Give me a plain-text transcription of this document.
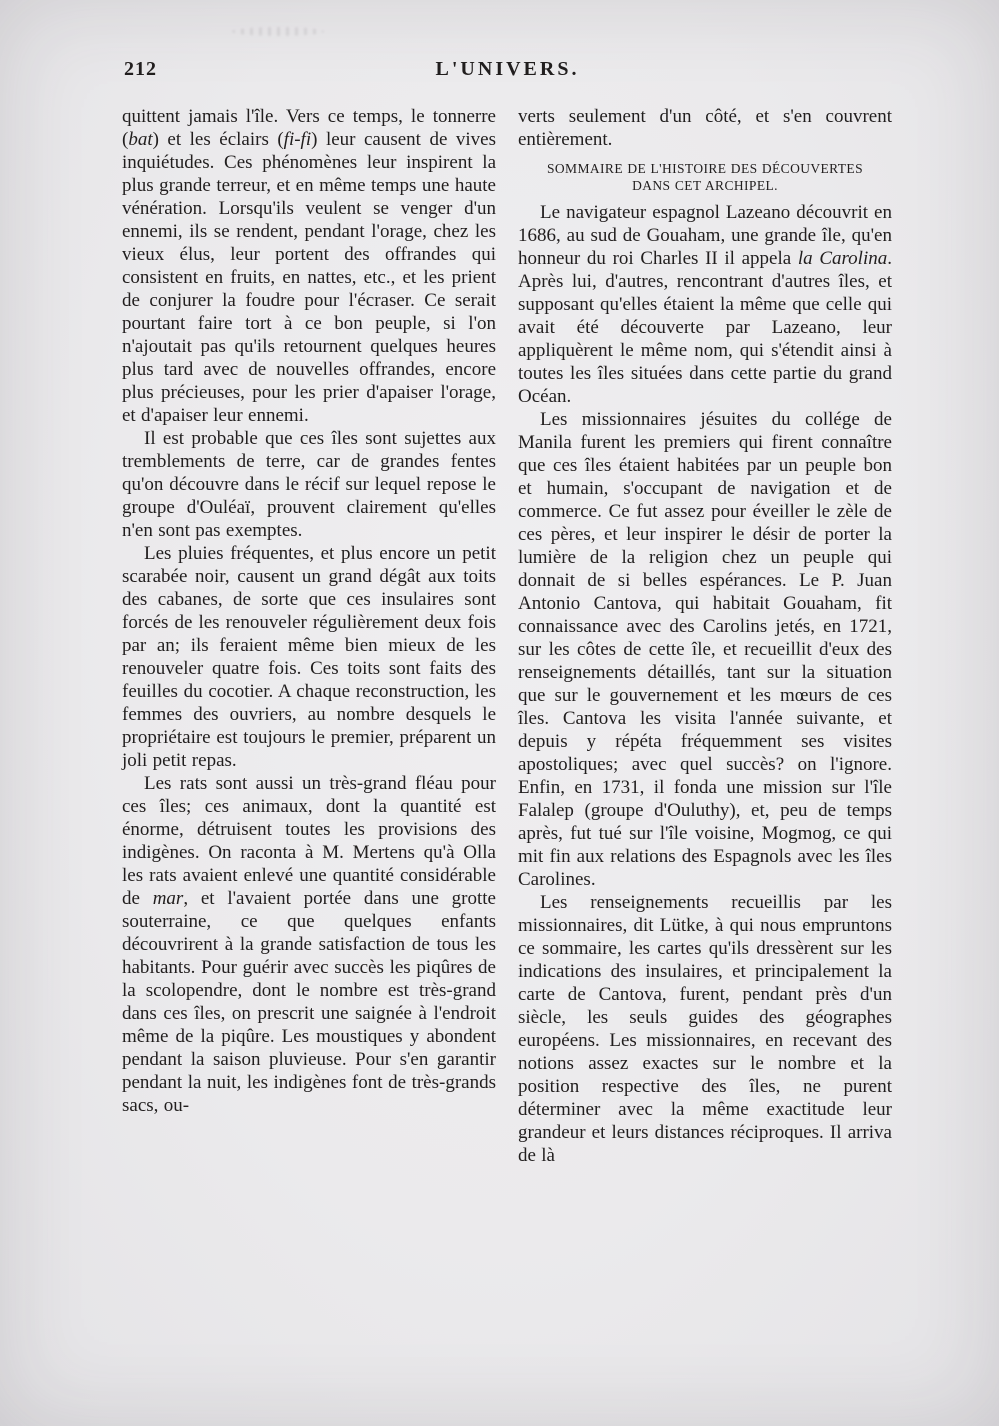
212	L'UNIVERS.

quittent jamais l'île. Vers ce temps, le tonnerre (bat) et les éclairs (fi-fi) leur causent de vives inquiétudes. Ces phénomènes leur inspirent la plus grande terreur, et en même temps une haute vénération. Lorsqu'ils veulent se venger d'un ennemi, ils se rendent, pendant l'orage, chez les vieux élus, leur portent des offrandes qui consistent en fruits, en nattes, etc., et les prient de conjurer la foudre pour l'écraser. Ce serait pourtant faire tort à ce bon peuple, si l'on n'ajoutait pas qu'ils retournent quelques heures plus tard avec de nouvelles offrandes, encore plus précieuses, pour les prier d'apaiser l'orage, et d'apaiser leur ennemi.

Il est probable que ces îles sont sujettes aux tremblements de terre, car de grandes fentes qu'on découvre dans le récif sur lequel repose le groupe d'Ouléaï, prouvent clairement qu'elles n'en sont pas exemptes.

Les pluies fréquentes, et plus encore un petit scarabée noir, causent un grand dégât aux toits des cabanes, de sorte que ces insulaires sont forcés de les renouveler régulièrement deux fois par an; ils feraient même bien mieux de les renouveler quatre fois. Ces toits sont faits des feuilles du cocotier. A chaque reconstruction, les femmes des ouvriers, au nombre desquels le propriétaire est toujours le premier, préparent un joli petit repas.

Les rats sont aussi un très-grand fléau pour ces îles; ces animaux, dont la quantité est énorme, détruisent toutes les provisions des indigènes. On raconta à M. Mertens qu'à Olla les rats avaient enlevé une quantité considérable de mar, et l'avaient portée dans une grotte souterraine, ce que quelques enfants découvrirent à la grande satisfaction de tous les habitants. Pour guérir avec succès les piqûres de la scolopendre, dont le nombre est très-grand dans ces îles, on prescrit une saignée à l'endroit même de la piqûre. Les moustiques y abondent pendant la saison pluvieuse. Pour s'en garantir pendant la nuit, les indigènes font de très-grands sacs, ou-

verts seulement d'un côté, et s'en couvrent entièrement.

SOMMAIRE DE L'HISTOIRE DES DÉCOUVERTES DANS CET ARCHIPEL.

Le navigateur espagnol Lazeano découvrit en 1686, au sud de Gouaham, une grande île, qu'en honneur du roi Charles II il appela la Carolina. Après lui, d'autres, rencontrant d'autres îles, et supposant qu'elles étaient la même que celle qui avait été découverte par Lazeano, leur appliquèrent le même nom, qui s'étendit ainsi à toutes les îles situées dans cette partie du grand Océan.

Les missionnaires jésuites du collége de Manila furent les premiers qui firent connaître que ces îles étaient habitées par un peuple bon et humain, s'occupant de navigation et de commerce. Ce fut assez pour éveiller le zèle de ces pères, et leur inspirer le désir de porter la lumière de la religion chez un peuple qui donnait de si belles espérances. Le P. Juan Antonio Cantova, qui habitait Gouaham, fit connaissance avec des Carolins jetés, en 1721, sur les côtes de cette île, et recueillit d'eux des renseignements détaillés, tant sur la situation que sur le gouvernement et les mœurs de ces îles. Cantova les visita l'année suivante, et depuis y répéta fréquemment ses visites apostoliques; avec quel succès? on l'ignore. Enfin, en 1731, il fonda une mission sur l'île Falalep (groupe d'Ouluthy), et, peu de temps après, fut tué sur l'île voisine, Mogmog, ce qui mit fin aux relations des Espagnols avec les îles Carolines.

Les renseignements recueillis par les missionnaires, dit Lütke, à qui nous empruntons ce sommaire, les cartes qu'ils dressèrent sur les indications des insulaires, et principalement la carte de Cantova, furent, pendant près d'un siècle, les seuls guides des géographes européens. Les missionnaires, en recevant des notions assez exactes sur le nombre et la position respective des îles, ne purent déterminer avec la même exactitude leur grandeur et leurs distances réciproques. Il arriva de là
